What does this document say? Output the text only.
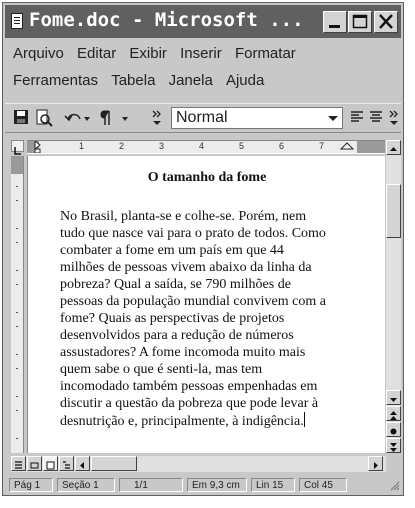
Fome.doc - Microsoft ...
Arquivo Editar Exibir Inserir Formatar
Ferramentas Tabela Janela Ajuda
Normal
1	2	3	4	5	6	7
O tamanho da fome
No Brasil, planta-se e colhe-se. Porém, nem
tudo que nasce vai para o prato de todos. Como
combater a fome em um país em que 44
milhões de pessoas vivem abaixo da linha da
pobreza? Qual a saída, se 790 milhões de
pessoas da população mundial convivem com a
fome? Quais as perspectivas de projetos
desenvolvidos para a redução de números
assustadores? A fome incomoda muito mais
quem sabe o que é senti-la, mas tem
incomodado também pessoas empenhadas em
discutir a questão da pobreza que pode levar à
desnutrição e, principalmente, à indigência.
Pág 1	Seção 1	1/1	Em 9,3 cm	Lin 15	Col 45
